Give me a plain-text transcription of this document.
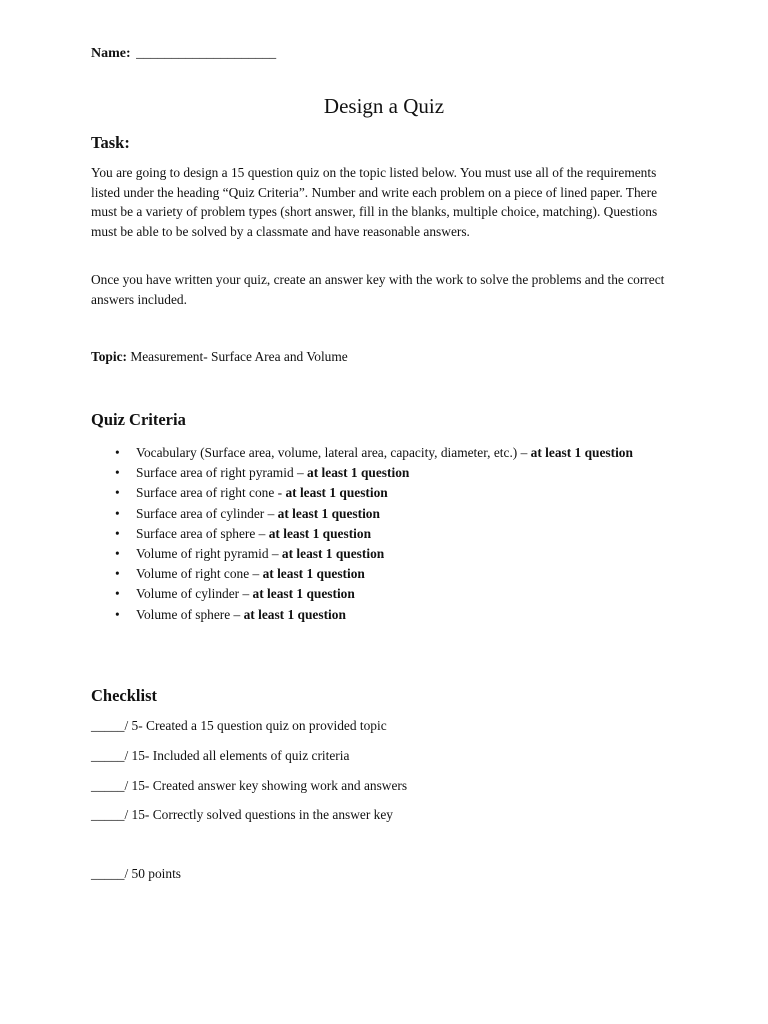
Name: ____________________
Design a Quiz
Task:
You are going to design a 15 question quiz on the topic listed below. You must use all of the requirements listed under the heading “Quiz Criteria”. Number and write each problem on a piece of lined paper. There must be a variety of problem types (short answer, fill in the blanks, multiple choice, matching). Questions must be able to be solved by a classmate and have reasonable answers.
Once you have written your quiz, create an answer key with the work to solve the problems and the correct answers included.
Topic: Measurement- Surface Area and Volume
Quiz Criteria
• Vocabulary (Surface area, volume, lateral area, capacity, diameter, etc.) – at least 1 question
• Surface area of right pyramid – at least 1 question
• Surface area of right cone - at least 1 question
• Surface area of cylinder – at least 1 question
• Surface area of sphere – at least 1 question
• Volume of right pyramid – at least 1 question
• Volume of right cone – at least 1 question
• Volume of cylinder – at least 1 question
• Volume of sphere – at least 1 question
Checklist
_____/ 5- Created a 15 question quiz on provided topic
_____/ 15- Included all elements of quiz criteria
_____/ 15- Created answer key showing work and answers
_____/ 15- Correctly solved questions in the answer key
_____/ 50 points
